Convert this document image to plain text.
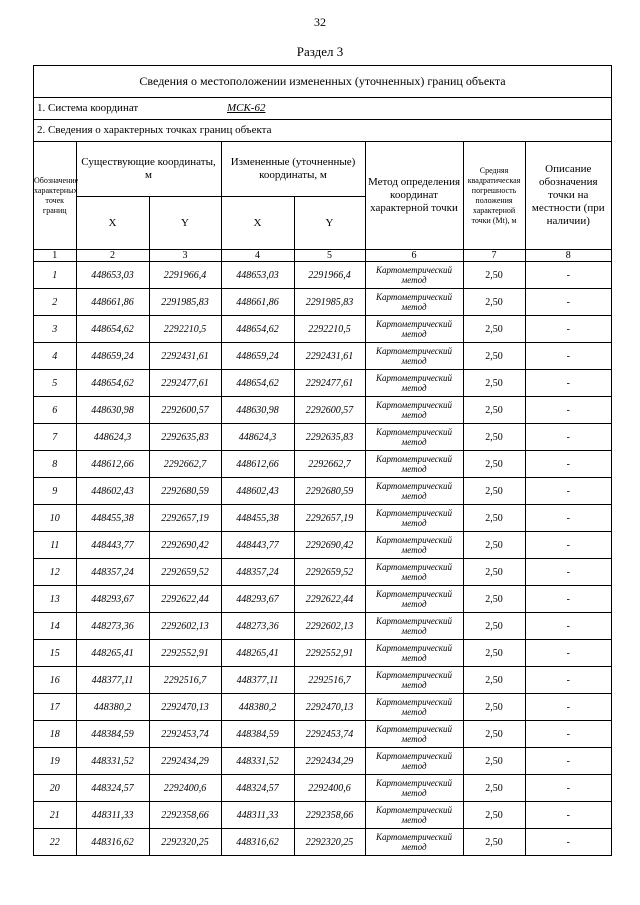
32
Раздел 3
Сведения о местоположении измененных (уточненных) границ объекта
1. Система координат	МСК-62
2. Сведения о характерных точках границ объекта
Обозначение характерных точек границ	Существующие координаты, м		Измененные (уточненные) координаты, м		Метод определения координат характерной точки	Средняя квадратическая погрешность положения характерной точки (Mt), м	Описание обозначения точки на местности (при наличии)
	X	Y	X	Y			
1	2	3	4	5	6	7	8
1	448653,03	2291966,4	448653,03	2291966,4	Картометрический метод	2,50	-
2	448661,86	2291985,83	448661,86	2291985,83	Картометрический метод	2,50	-
3	448654,62	2292210,5	448654,62	2292210,5	Картометрический метод	2,50	-
4	448659,24	2292431,61	448659,24	2292431,61	Картометрический метод	2,50	-
5	448654,62	2292477,61	448654,62	2292477,61	Картометрический метод	2,50	-
6	448630,98	2292600,57	448630,98	2292600,57	Картометрический метод	2,50	-
7	448624,3	2292635,83	448624,3	2292635,83	Картометрический метод	2,50	-
8	448612,66	2292662,7	448612,66	2292662,7	Картометрический метод	2,50	-
9	448602,43	2292680,59	448602,43	2292680,59	Картометрический метод	2,50	-
10	448455,38	2292657,19	448455,38	2292657,19	Картометрический метод	2,50	-
11	448443,77	2292690,42	448443,77	2292690,42	Картометрический метод	2,50	-
12	448357,24	2292659,52	448357,24	2292659,52	Картометрический метод	2,50	-
13	448293,67	2292622,44	448293,67	2292622,44	Картометрический метод	2,50	-
14	448273,36	2292602,13	448273,36	2292602,13	Картометрический метод	2,50	-
15	448265,41	2292552,91	448265,41	2292552,91	Картометрический метод	2,50	-
16	448377,11	2292516,7	448377,11	2292516,7	Картометрический метод	2,50	-
17	448380,2	2292470,13	448380,2	2292470,13	Картометрический метод	2,50	-
18	448384,59	2292453,74	448384,59	2292453,74	Картометрический метод	2,50	-
19	448331,52	2292434,29	448331,52	2292434,29	Картометрический метод	2,50	-
20	448324,57	2292400,6	448324,57	2292400,6	Картометрический метод	2,50	-
21	448311,33	2292358,66	448311,33	2292358,66	Картометрический метод	2,50	-
22	448316,62	2292320,25	448316,62	2292320,25	Картометрический метод	2,50	-
